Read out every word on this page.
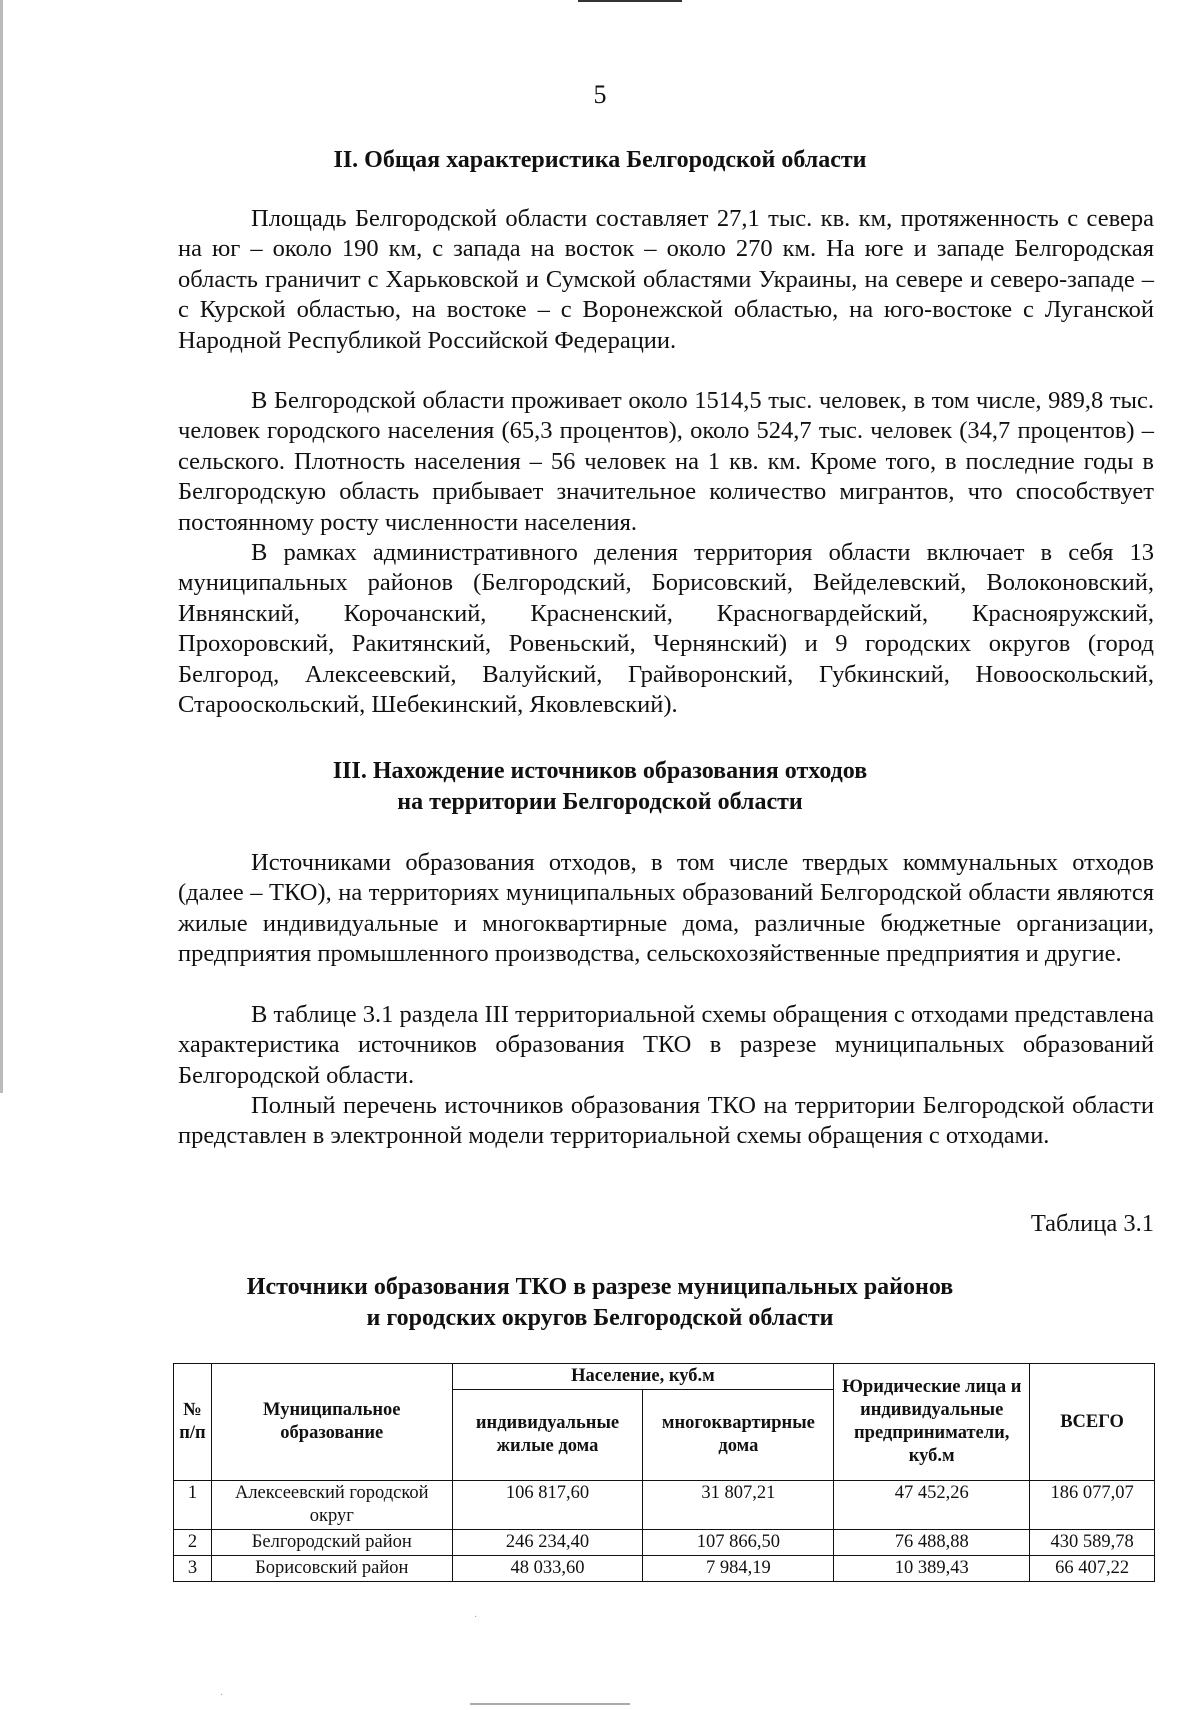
5
II. Общая характеристика Белгородской области

Площадь Белгородской области составляет 27,1 тыс. кв. км, протяженность с севера на юг – около 190 км, с запада на восток – около 270 км. На юге и западе Белгородская область граничит с Харьковской и Сумской областями Украины, на севере и северо-западе – с Курской областью, на востоке – с Воронежской областью, на юго-востоке с Луганской Народной Республикой Российской Федерации.

В Белгородской области проживает около 1514,5 тыс. человек, в том числе, 989,8 тыс. человек городского населения (65,3 процентов), около 524,7 тыс. человек (34,7 процентов) – сельского. Плотность населения – 56 человек на 1 кв. км. Кроме того, в последние годы в Белгородскую область прибывает значительное количество мигрантов, что способствует постоянному росту численности населения.

В рамках административного деления территория области включает в себя 13 муниципальных районов (Белгородский, Борисовский, Вейделевский, Волоконовский, Ивнянский, Корочанский, Красненский, Красногвардейский, Краснояружский, Прохоровский, Ракитянский, Ровеньский, Чернянский) и 9 городских округов (город Белгород, Алексеевский, Валуйский, Грайворонский, Губкинский, Новооскольский, Старооскольский, Шебекинский, Яковлевский).

III. Нахождение источников образования отходов
на территории Белгородской области

Источниками образования отходов, в том числе твердых коммунальных отходов (далее – ТКО), на территориях муниципальных образований Белгородской области являются жилые индивидуальные и многоквартирные дома, различные бюджетные организации, предприятия промышленного производства, сельскохозяйственные предприятия и другие.

В таблице 3.1 раздела III территориальной схемы обращения с отходами представлена характеристика источников образования ТКО в разрезе муниципальных образований Белгородской области.

Полный перечень источников образования ТКО на территории Белгородской области представлен в электронной модели территориальной схемы обращения с отходами.

Таблица 3.1
Источники образования ТКО в разрезе муниципальных районов
и городских округов Белгородской области
№ п/п	Муниципальное образование	Население, куб.м		Юридические лица и индивидуальные предприниматели, куб.м	ВСЕГО
		индивидуальные жилые дома	многоквартирные дома		
1	Алексеевский городской округ	106 817,60	31 807,21	47 452,26	186 077,07
2	Белгородский район	246 234,40	107 866,50	76 488,88	430 589,78
3	Борисовский район	48 033,60	7 984,19	10 389,43	66 407,22
·
·
